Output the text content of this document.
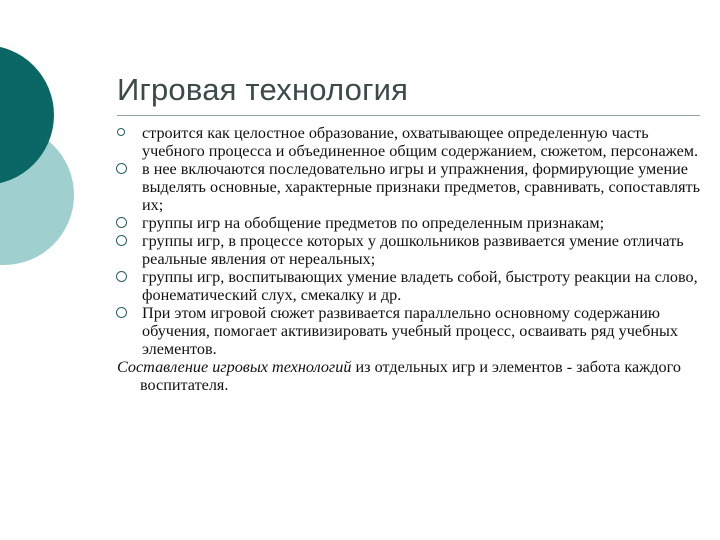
Игровая технология

строится как целостное образование, охватывающее определенную часть учебного процесса и объединенное общим содержанием, сюжетом, персонажем.

в нее включаются последовательно игры и упражнения, формирующие умение выделять основные, характерные признаки предметов, сравнивать, сопоставлять их;

группы игр на обобщение предметов по определенным признакам;

группы игр, в процессе которых у дошкольников развивается умение отличать реальные явления от нереальных;

группы игр, воспитывающих умение владеть собой, быстроту реакции на слово, фонематический слух, смекалку и др.

При этом игровой сюжет развивается параллельно основному содержанию обучения, помогает активизировать учебный процесс, осваивать ряд учебных элементов.

Составление игровых технологий из отдельных игр и элементов - забота каждого воспитателя.
